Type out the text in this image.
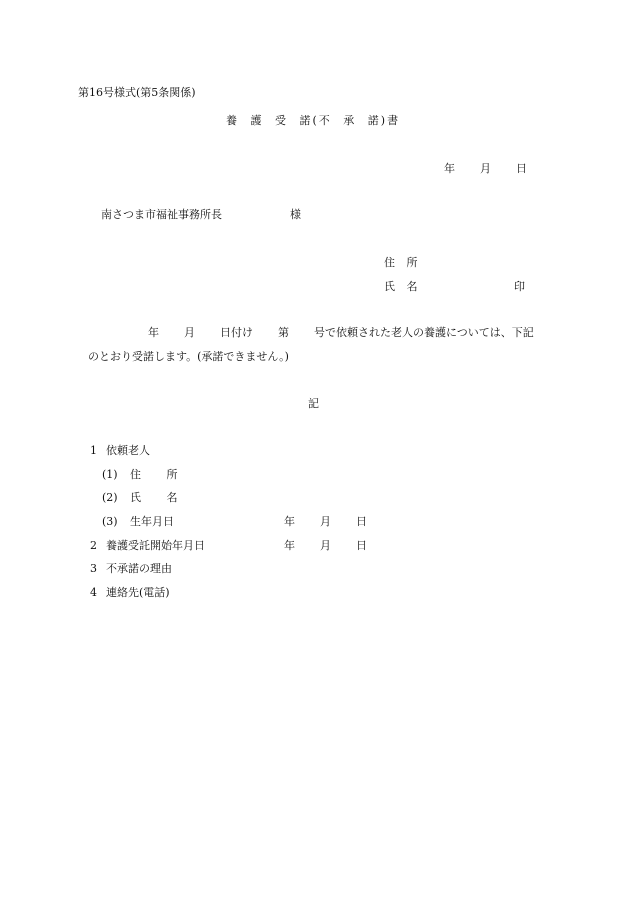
第16号様式(第5条関係)
養 護 受 諾(不 承 諾)書
年 月 日
南さつま市福祉事務所長	様
住 所
氏 名	印
年 月 日付け 第 号で依頼された老人の養護については、下記
のとおり受諾します。(承諾できません。)
記
1 依頼老人
(1) 住 所
(2) 氏 名
(3) 生年月日	年 月 日
2 養護受託開始年月日	年 月 日
3 不承諾の理由
4 連絡先(電話)
